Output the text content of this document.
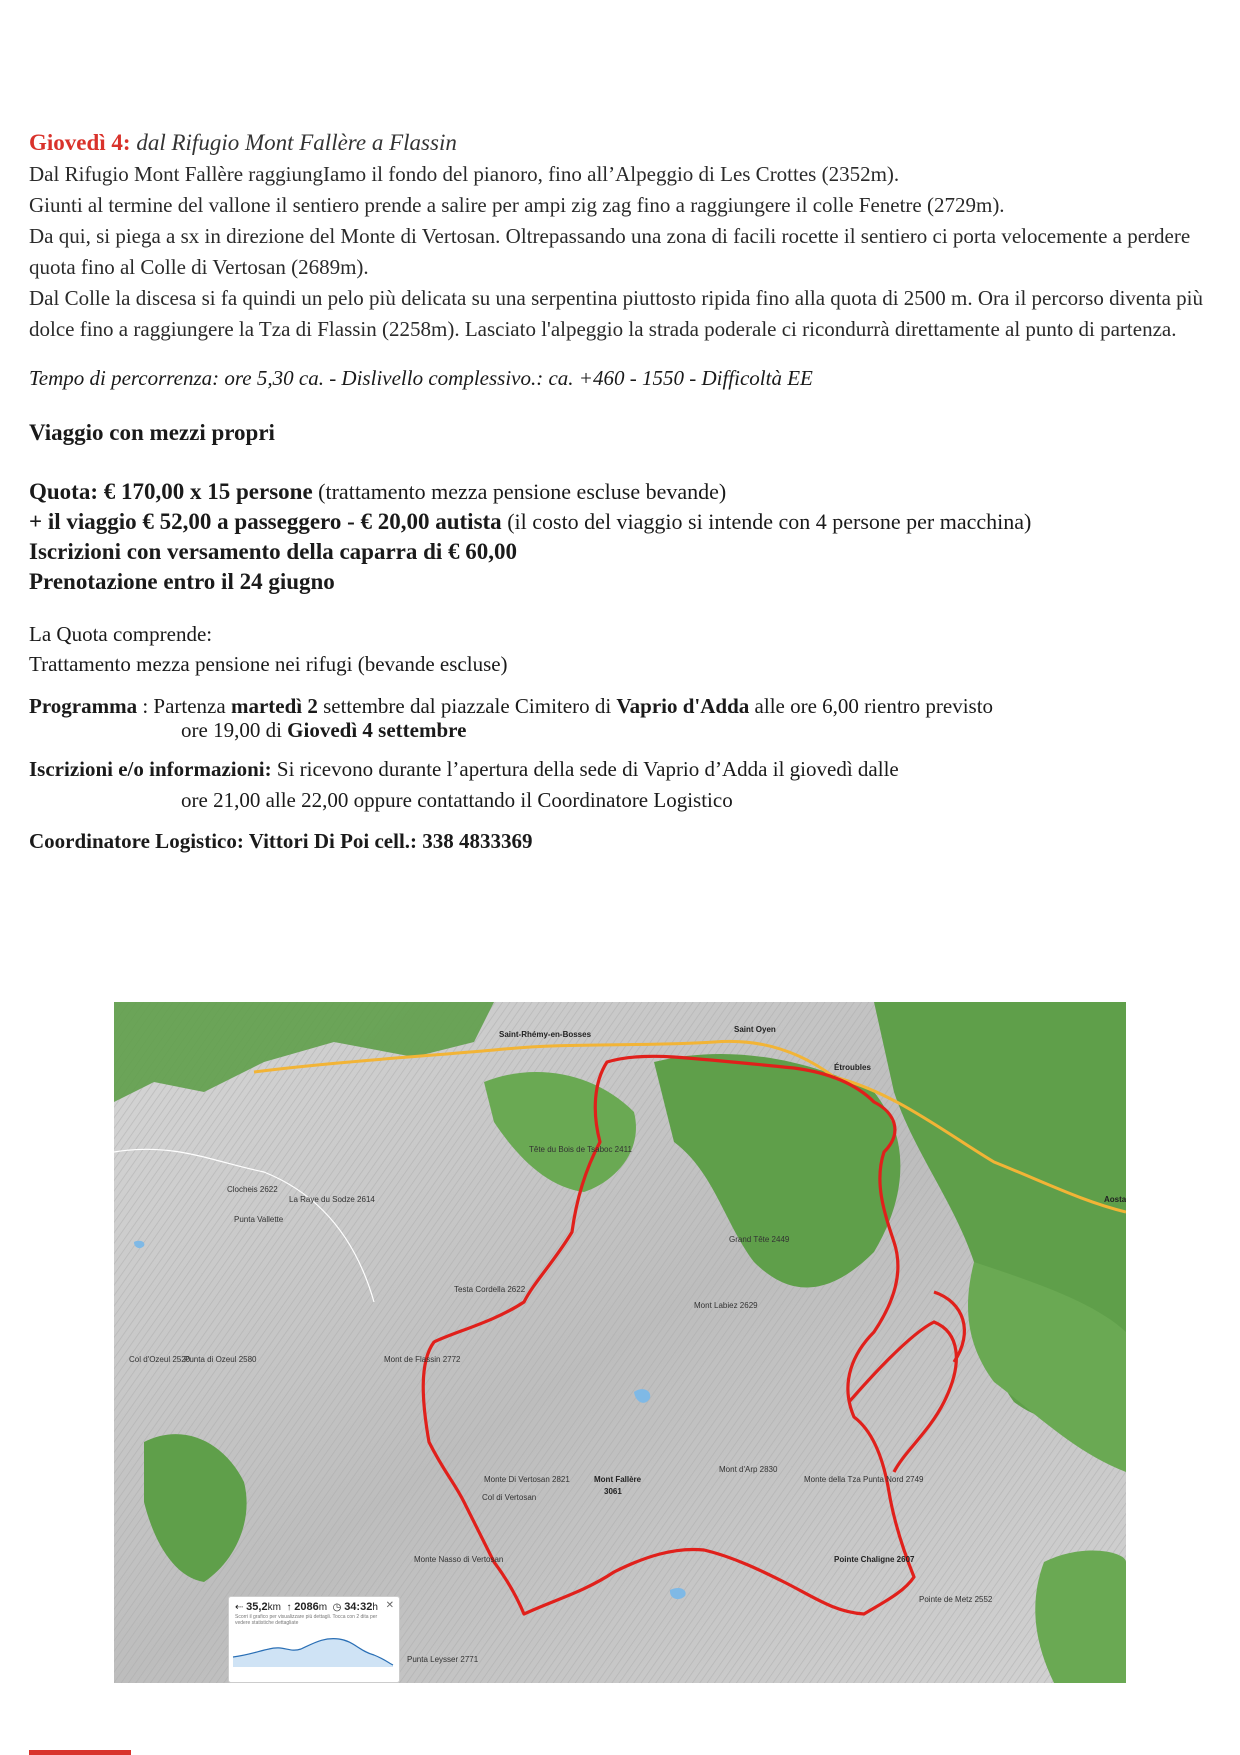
Giovedì 4: dal Rifugio Mont Fallère a Flassin

Dal Rifugio Mont Fallère raggiungIamo il fondo del pianoro, fino all’Alpeggio di Les Crottes (2352m).

Giunti al termine del vallone il sentiero prende a salire per ampi zig zag fino a raggiungere il colle Fenetre (2729m).

Da qui, si piega a sx in direzione del Monte di Vertosan. Oltrepassando una zona di facili rocette il sentiero ci porta velocemente a perdere quota fino al Colle di Vertosan (2689m).

Dal Colle la discesa si fa quindi un pelo più delicata su una serpentina piuttosto ripida fino alla quota di 2500 m. Ora il percorso diventa più dolce fino a raggiungere la Tza di Flassin (2258m). Lasciato l'alpeggio la strada poderale ci ricondurrà direttamente al punto di partenza.

Tempo di percorrenza: ore 5,30 ca. - Dislivello complessivo.: ca. +460 - 1550 - Difficoltà EE

Viaggio con mezzi propri

Quota: € 170,00 x 15 persone (trattamento mezza pensione escluse bevande)

+ il viaggio € 52,00 a passeggero - € 20,00 autista (il costo del viaggio si intende con 4 persone per macchina)

Iscrizioni con versamento della caparra di € 60,00

Prenotazione entro il 24 giugno

La Quota comprende:

Trattamento mezza pensione nei rifugi (bevande escluse)

Programma : Partenza martedì 2 settembre dal piazzale Cimitero di Vaprio d'Adda alle ore 6,00 rientro previsto

ore 19,00 di Giovedì 4 settembre

Iscrizioni e/o informazioni: Si ricevono durante l’apertura della sede di Vaprio d’Adda il giovedì dalle

ore 21,00 alle 22,00 oppure contattando il Coordinatore Logistico

Coordinatore Logistico: Vittori Di Poi cell.: 338 4833369

Saint-Rhémy-en-Bosses
Saint Oyen
Étroubles
Clocheis 2622
La Raye du Sodze 2614
Punta Vallette
Testa Cordella 2622
Tête du Bois de Tsaboc 2411
Grand Tête 2449
Mont Labiez 2629
Mont de Flassin 2772
Col d'Ozeul 2520
Punta di Ozeul 2580
Monte Di Vertosan 2821
Col di Vertosan
Mont Fallère
3061
Mont d'Arp 2830
Monte della Tza Punta Nord 2749
Pointe Chaligne 2607
Pointe de Metz 2552
Monte Nasso di Vertosan
Punta Leysser 2771
Aosta
✕
⇠ 35,2km ↑ 2086m ◷ 34:32h
Scorri il grafico per visualizzare più dettagli. Tocca con 2 dita per vedere statistiche dettagliate
